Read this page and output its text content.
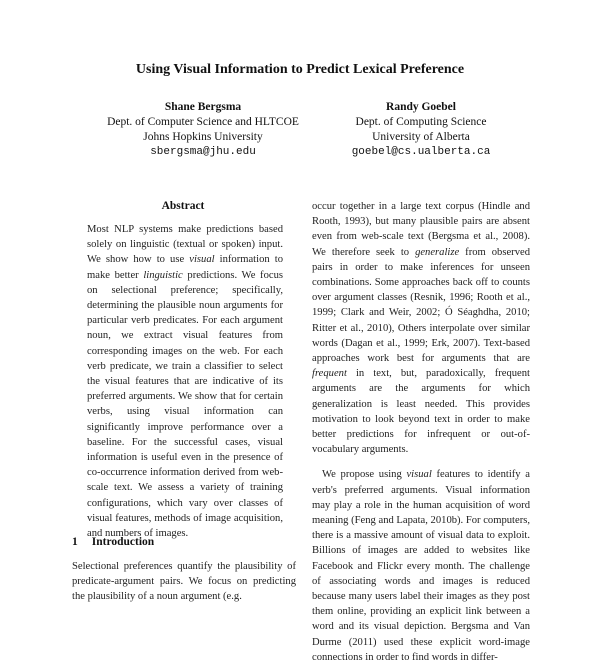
Using Visual Information to Predict Lexical Preference
Shane Bergsma
Dept. of Computer Science and HLTCOE
Johns Hopkins University
sbergsma@jhu.edu
Randy Goebel
Dept. of Computing Science
University of Alberta
goebel@cs.ualberta.ca
Abstract

Most NLP systems make predictions based solely on linguistic (textual or spoken) input. We show how to use visual information to make better linguistic predictions. We focus on selectional preference; specifically, determining the plausible noun arguments for particular verb predicates. For each argument noun, we extract visual features from corresponding images on the web. For each verb predicate, we train a classifier to select the visual features that are indicative of its preferred arguments. We show that for certain verbs, using visual information can significantly improve performance over a baseline. For the successful cases, visual information is useful even in the presence of co-occurrence information derived from web-scale text. We assess a variety of training configurations, which vary over classes of visual features, methods of image acquisition, and numbers of images.

1 Introduction

Selectional preferences quantify the plausibility of predicate-argument pairs. We focus on predicting the plausibility of a noun argument (e.g.

occur together in a large text corpus (Hindle and Rooth, 1993), but many plausible pairs are absent even from web-scale text (Bergsma et al., 2008). We therefore seek to generalize from observed pairs in order to make inferences for unseen combinations. Some approaches back off to counts over argument classes (Resnik, 1996; Rooth et al., 1999; Clark and Weir, 2002; Ó Séaghdha, 2010; Ritter et al., 2010), Others interpolate over similar words (Dagan et al., 1999; Erk, 2007). Text-based approaches work best for arguments that are frequent in text, but, paradoxically, frequent arguments are the arguments for which generalization is least needed. This provides motivation to look beyond text in order to make better predictions for infrequent or out-of-vocabulary arguments.

We propose using visual features to identify a verb's preferred arguments. Visual information may play a role in the human acquisition of word meaning (Feng and Lapata, 2010b). For computers, there is a massive amount of visual data to exploit. Billions of images are added to websites like Facebook and Flickr every month. The challenge of associating words and images is reduced because many users label their images as they post them online, providing an explicit link between a word and its visual depiction. Bergsma and Van Durme (2011) used these explicit word-image connections in order to find words in differ-
